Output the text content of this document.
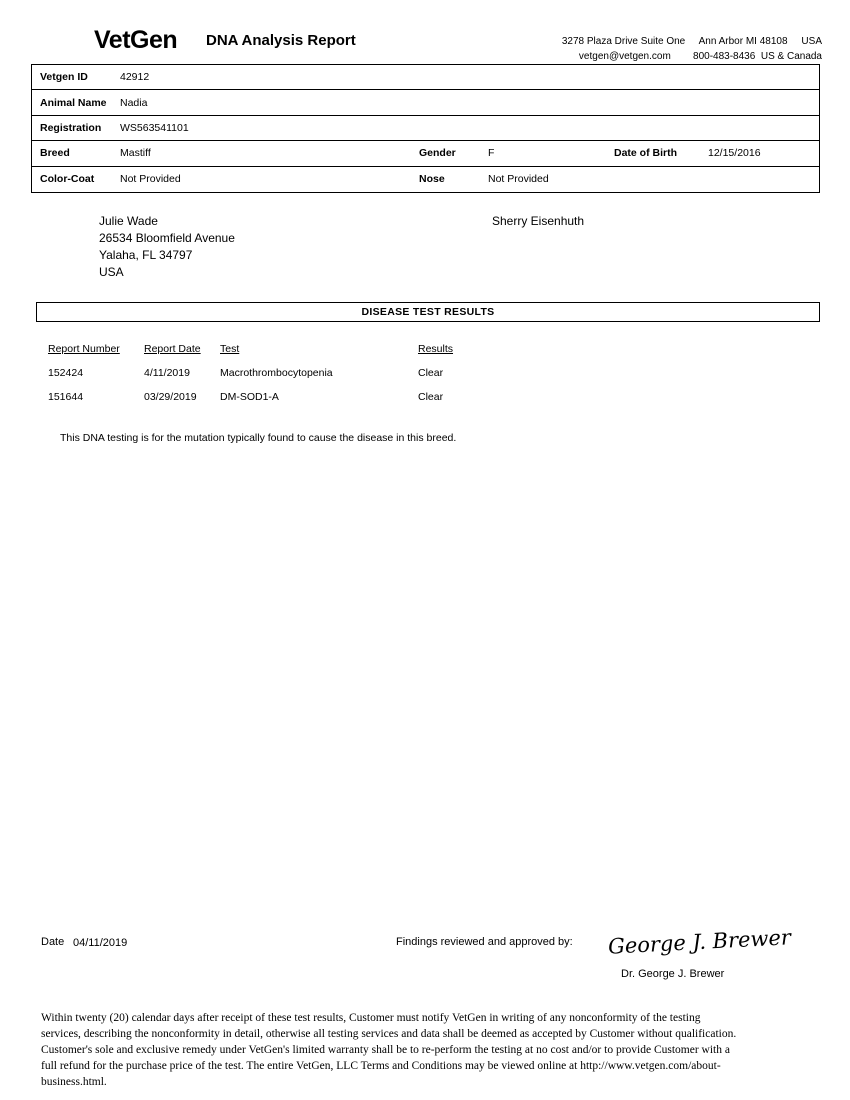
VetGen DNA Analysis Report	3278 Plaza Drive Suite One     Ann Arbor MI 48108     USA
vetgen@vetgen.com        800-483-8436  US & Canada
Vetgen ID	42912
Animal Name	Nadia
Registration	WS563541101
Breed	Mastiff	Gender	F	Date of Birth	12/15/2016
Color-Coat	Not Provided	Nose	Not Provided
Julie Wade
26534 Bloomfield Avenue
Yalaha, FL 34797
USA
Sherry Eisenhuth
DISEASE TEST RESULTS
Report Number Report Date Test	Results
152424	4/11/2019	Macrothrombocytopenia	Clear
151644	03/29/2019 DM-SOD1-A	Clear
This DNA testing is for the mutation typically found to cause the disease in this breed.
Date 04/11/2019	Findings reviewed and approved by: George J. Brewer
Dr. George J. Brewer
Within twenty (20) calendar days after receipt of these test results, Customer must notify VetGen in writing of any nonconformity of the testing services, describing the nonconformity in detail, otherwise all testing services and data shall be deemed as accepted by Customer without qualification. Customer's sole and exclusive remedy under VetGen's limited warranty shall be to re-perform the testing at no cost and/or to provide Customer with a full refund for the purchase price of the test. The entire VetGen, LLC Terms and Conditions may be viewed online at http://www.vetgen.com/about-business.html.
